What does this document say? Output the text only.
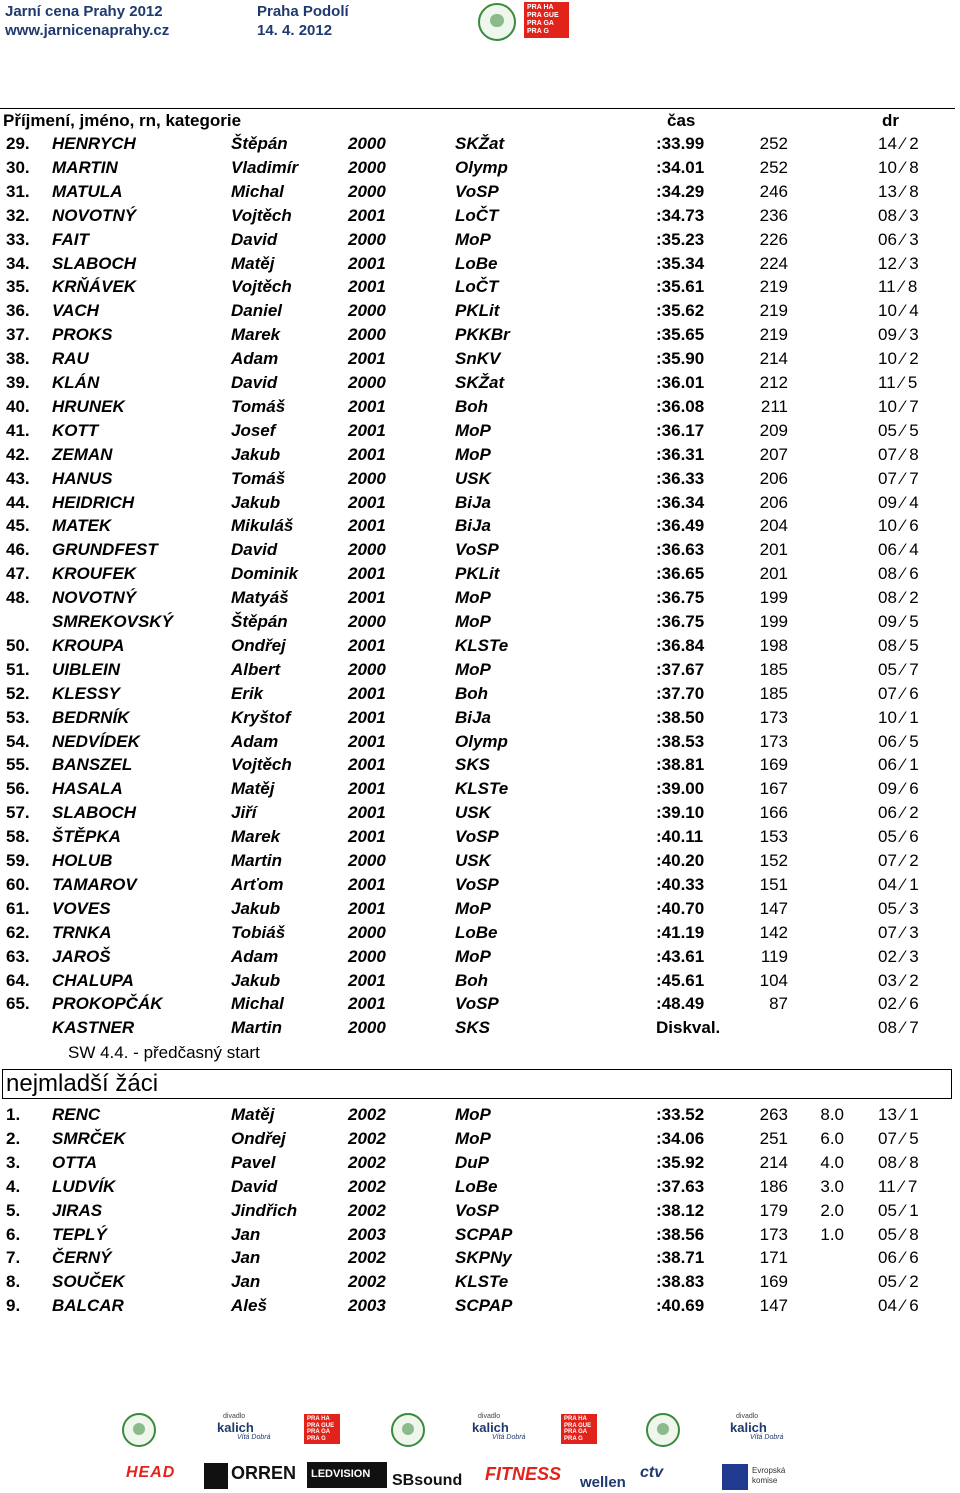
Jarní cena Prahy 2012
www.jarnicenaprahy.cz
Praha Podolí
14. 4. 2012
PRA HA
PRA GUE
PRA GA
PRA G
Příjmení, jméno, rn, kategorie	čas	dr
29. HENRYCH	Štěpán	2000	SKŽat	:33.99	252	14 ⁄ 2
30. MARTIN	Vladimír	2000	Olymp	:34.01	252	10 ⁄ 8
31. MATULA	Michal	2000	VoSP	:34.29	246	13 ⁄ 8
32. NOVOTNÝ	Vojtěch	2001	LoČT	:34.73	236	08 ⁄ 3
33. FAIT	David	2000	MoP	:35.23	226	06 ⁄ 3
34. SLABOCH	Matěj	2001	LoBe	:35.34	224	12 ⁄ 3
35. KRŇÁVEK	Vojtěch	2001	LoČT	:35.61	219	11 ⁄ 8
36. VACH	Daniel	2000	PKLit	:35.62	219	10 ⁄ 4
37. PROKS	Marek	2000	PKKBr	:35.65	219	09 ⁄ 3
38. RAU	Adam	2001	SnKV	:35.90	214	10 ⁄ 2
39. KLÁN	David	2000	SKŽat	:36.01	212	11 ⁄ 5
40. HRUNEK	Tomáš	2001	Boh	:36.08	211	10 ⁄ 7
41. KOTT	Josef	2001	MoP	:36.17	209	05 ⁄ 5
42. ZEMAN	Jakub	2001	MoP	:36.31	207	07 ⁄ 8
43. HANUS	Tomáš	2000	USK	:36.33	206	07 ⁄ 7
44. HEIDRICH	Jakub	2001	BiJa	:36.34	206	09 ⁄ 4
45. MATEK	Mikuláš	2001	BiJa	:36.49	204	10 ⁄ 6
46. GRUNDFEST	David	2000	VoSP	:36.63	201	06 ⁄ 4
47. KROUFEK	Dominik	2001	PKLit	:36.65	201	08 ⁄ 6
48. NOVOTNÝ	Matyáš	2001	MoP	:36.75	199	08 ⁄ 2
SMREKOVSKÝ	Štěpán	2000	MoP	:36.75	199	09 ⁄ 5
50. KROUPA	Ondřej	2001	KLSTe	:36.84	198	08 ⁄ 5
51. UIBLEIN	Albert	2000	MoP	:37.67	185	05 ⁄ 7
52. KLESSY	Erik	2001	Boh	:37.70	185	07 ⁄ 6
53. BEDRNÍK	Kryštof	2001	BiJa	:38.50	173	10 ⁄ 1
54. NEDVÍDEK	Adam	2001	Olymp	:38.53	173	06 ⁄ 5
55. BANSZEL	Vojtěch	2001	SKS	:38.81	169	06 ⁄ 1
56. HASALA	Matěj	2001	KLSTe	:39.00	167	09 ⁄ 6
57. SLABOCH	Jiří	2001	USK	:39.10	166	06 ⁄ 2
58. ŠTĚPKA	Marek	2001	VoSP	:40.11	153	05 ⁄ 6
59. HOLUB	Martin	2000	USK	:40.20	152	07 ⁄ 2
60. TAMAROV	Arťom	2001	VoSP	:40.33	151	04 ⁄ 1
61. VOVES	Jakub	2001	MoP	:40.70	147	05 ⁄ 3
62. TRNKA	Tobiáš	2000	LoBe	:41.19	142	07 ⁄ 3
63. JAROŠ	Adam	2000	MoP	:43.61	119	02 ⁄ 3
64. CHALUPA	Jakub	2001	Boh	:45.61	104	03 ⁄ 2
65. PROKOPČÁK	Michal	2001	VoSP	:48.49	87	02 ⁄ 6
KASTNER	Martin	2000	SKS	Diskval.	08 ⁄ 7
SW 4.4. - předčasný start
nejmladší žáci
1. RENC	Matěj	2002	MoP	:33.52	263 8.0 13 ⁄ 1
2. SMRČEK	Ondřej	2002	MoP	:34.06	251 6.0 07 ⁄ 5
3. OTTA	Pavel	2002	DuP	:35.92	214 4.0 08 ⁄ 8
4. LUDVÍK	David	2002	LoBe	:37.63	186 3.0 11 ⁄ 7
5. JIRAS	Jindřich	2002	VoSP	:38.12	179 2.0 05 ⁄ 1
6. TEPLÝ	Jan	2003	SCPAP	:38.56	173 1.0 05 ⁄ 8
7. ČERNÝ	Jan	2002	SKPNy	:38.71	171	06 ⁄ 6
8. SOUČEK	Jan	2002	KLSTe	:38.83	169	05 ⁄ 2
9. BALCAR	Aleš	2003	SCPAP	:40.69	147	04 ⁄ 6
divadlo
kalich
Vítá Dobrá
PRA HA
PRA GUE
PRA GA
PRA G
divadlo
kalich
Vítá Dobrá
PRA HA
PRA GUE
PRA GA
PRA G
divadlo
kalich
Vítá Dobrá
HEAD	ORREN LEDVISION SBsound FITNESS wellen
ctv	Evropská komise
